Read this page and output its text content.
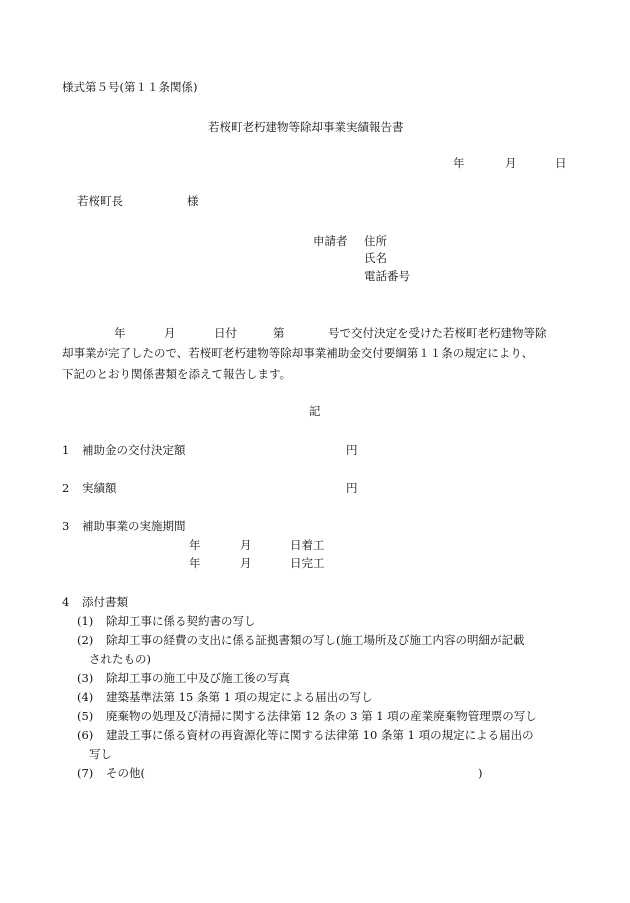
様式第５号(第１１条関係)
若桜町老朽建物等除却事業実績報告書
年	月	日
若桜町長	様
申請者 住所
氏名
電話番号
年	月	日付	第	号で交付決定を受けた若桜町老朽建物等除
却事業が完了したので、若桜町老朽建物等除却事業補助金交付要綱第１１条の規定により、
下記のとおり関係書類を添えて報告します。
記
1 補助金の交付決定額	円
2 実績額	円
3 補助事業の実施期間
年	月	日着工
年	月	日完工
4 添付書類
(1) 除却工事に係る契約書の写し
(2) 除却工事の経費の支出に係る証拠書類の写し(施工場所及び施工内容の明細が記載
されたもの)
(3) 除却工事の施工中及び施工後の写真
(4) 建築基準法第 15 条第 1 項の規定による届出の写し
(5) 廃棄物の処理及び清掃に関する法律第 12 条の 3 第 1 項の産業廃棄物管理票の写し
(6) 建設工事に係る資材の再資源化等に関する法律第 10 条第 1 項の規定による届出の
写し
(7) その他(	)
